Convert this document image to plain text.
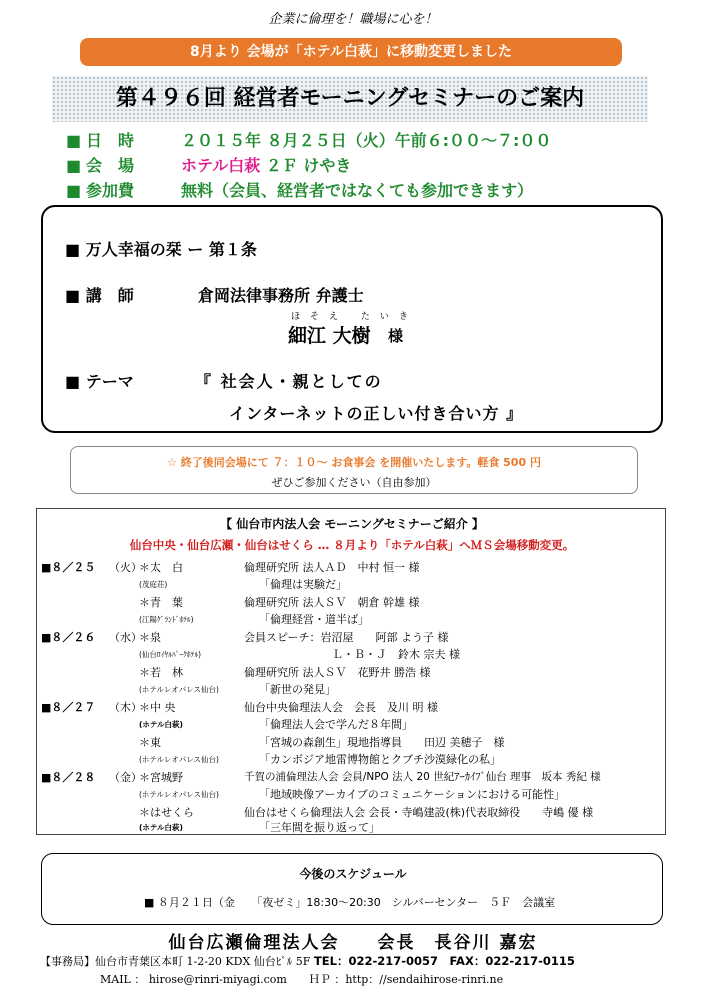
企業に倫理を！職場に心を！
8月より 会場が「ホテル白萩」に移動変更しました
第４９６回 経営者モーニングセミナーのご案内
■ 日　時	２０１５年 ８月２５日（火）午前６:００～７:００
■ 会　場	ホテル白萩 ２Ｆ けやき
■ 参加費	無料（会員、経営者ではなくても参加できます）
■ 万人幸福の栞 ー 第１条
■ 講　師	倉岡法律事務所 弁護士
ほそえ たいき
細江 大樹 様
■ テーマ	『 社会人・親としての
インターネットの正しい付き合い方 』
☆ 終了後同会場にて ７：１０～ お食事会 を開催いたします。軽食 500 円
ぜひご参加ください（自由参加）
【 仙台市内法人会 モーニングセミナーご紹介 】
仙台中央・仙台広瀬・仙台はせくら … ８月より「ホテル白萩」へＭＳ会場移動変更。
■８／２５ （火）
＊太　白	倫理研究所 法人ＡＤ　中村 恒一 様
(茂庭荘)	「倫理は実験だ」
＊青　葉	倫理研究所 法人ＳＶ　朝倉 幹雄 様
(江陽ｸﾞﾗﾝﾄﾞﾎﾃﾙ)	「倫理経営・道半ば」
■８／２６ （水）
＊泉	会員スピーチ：岩沼屋　　阿部 よう子 様
(仙台ﾛｲﾔﾙﾊﾟｰｸﾎﾃﾙ)	　　　　　　　　Ｌ・Ｂ・Ｊ　鈴木 宗夫 様
＊若　林	倫理研究所 法人ＳＶ　花野井 勝浩 様
(ホテルレオパレス仙台)	「新世の発見」
■８／２７ （木）
＊中 央	仙台中央倫理法人会　会長　及川 明 様
(ホテル白萩)	「倫理法人会で学んだ８年間」
＊東	「宮城の森創生」現地指導員　　田辺 美穂子　様
(ホテルレオパレス仙台)	「カンボジア地雷博物館とクブチ沙漠緑化の私」
■８／２８ （金）
＊宮城野	千賀の浦倫理法人会 会員/NPO 法人 20 世紀ｱｰｶｲﾌﾞ仙台 理事　坂本 秀紀 様
(ホテルレオパレス仙台)	「地域映像アーカイブのコミュニケーションにおける可能性」
＊はせくら	仙台はせくら倫理法人会 会長・寺嶋建設(株)代表取締役　　寺嶋 優 様
(ホテル白萩)	「三年間を振り返って」
今後のスケジュール
■ ８月２１日（金　　「夜ゼミ」18:30～20:30　シルバーセンター　５Ｆ　会議室
仙台広瀬倫理法人会　　会長　長谷川 嘉宏
【事務局】仙台市青葉区本町 1-2-20 KDX 仙台ﾋﾞﾙ 5F TEL：022-217-0057　FAX：022-217-0115
MAIL ： hirose@rinri-miyagi.com　　ＨＰ ：http：//sendaihirose-rinri.ne
